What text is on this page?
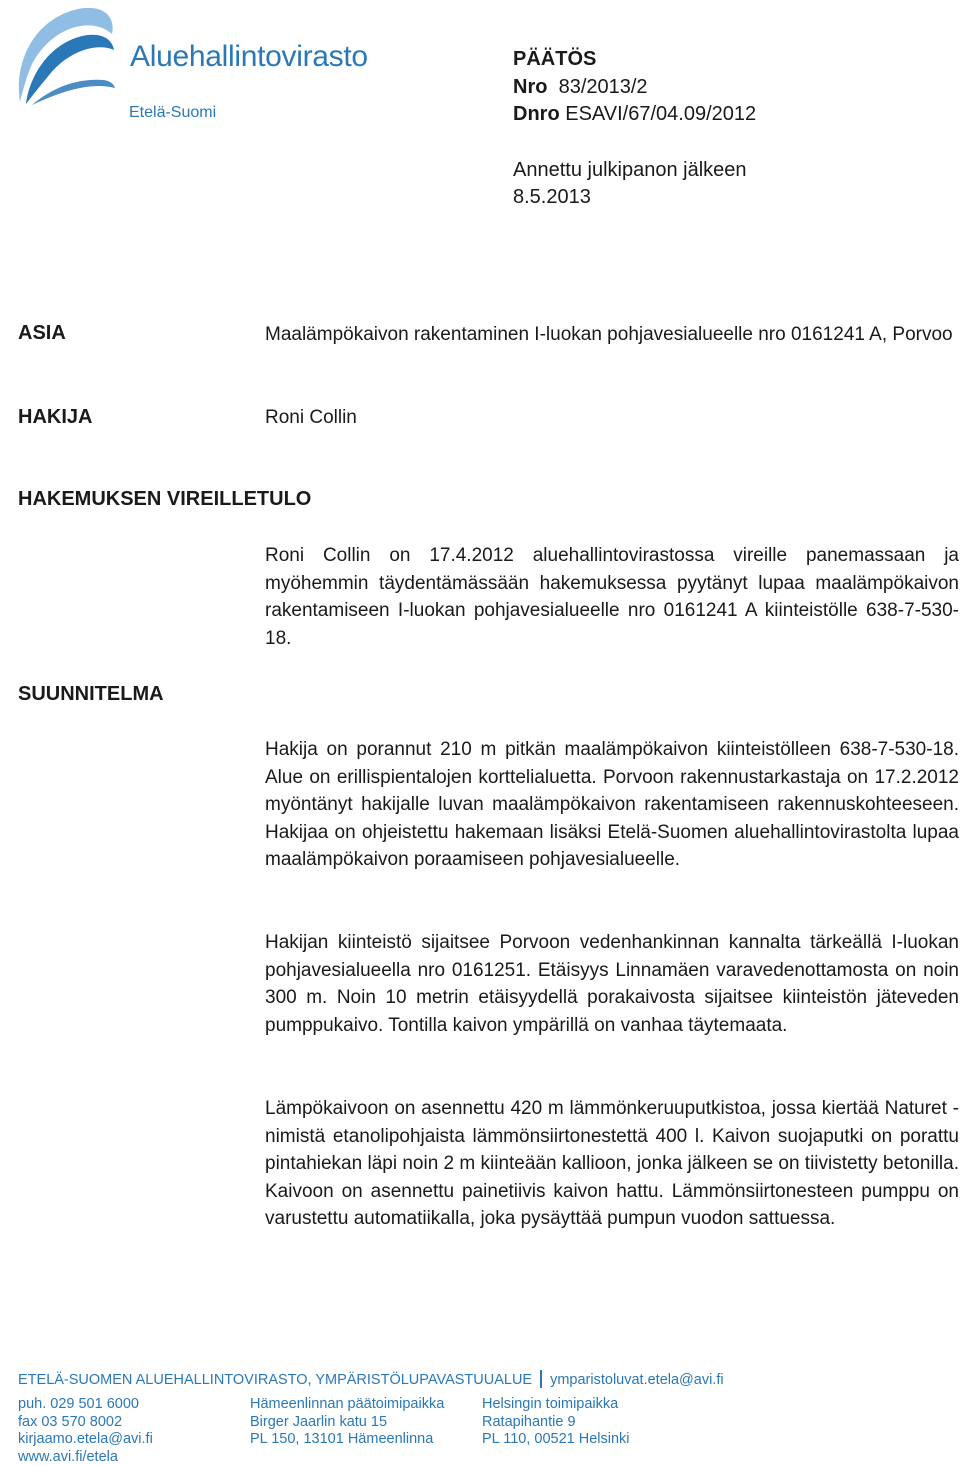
Aluehallintovirasto
Etelä-Suomi
PÄÄTÖS
Nro 83/2013/2
Dnro ESAVI/67/04.09/2012
Annettu julkipanon jälkeen
8.5.2013
ASIA	Maalämpökaivon rakentaminen I-luokan pohjavesialueelle nro 0161241 A, Porvoo
HAKIJA	Roni Collin
HAKEMUKSEN VIREILLETULO
Roni Collin on 17.4.2012 aluehallintovirastossa vireille panemassaan ja myöhemmin täydentämässään hakemuksessa pyytänyt lupaa maalämpökaivon rakentamiseen I-luokan pohjavesialueelle nro 0161241 A kiinteistölle 638-7-530-18.
SUUNNITELMA
Hakija on porannut 210 m pitkän maalämpökaivon kiinteistölleen 638-7-530-18. Alue on erillispientalojen korttelialuetta. Porvoon rakennustarkastaja on 17.2.2012 myöntänyt hakijalle luvan maalämpökaivon rakentamiseen rakennuskohteeseen. Hakijaa on ohjeistettu hakemaan lisäksi Etelä-Suomen aluehallintovirastolta lupaa maalämpökaivon poraamiseen pohjavesialueelle.
Hakijan kiinteistö sijaitsee Porvoon vedenhankinnan kannalta tärkeällä I-luokan pohjavesialueella nro 0161251. Etäisyys Linnamäen varavedenottamosta on noin 300 m. Noin 10 metrin etäisyydellä porakaivosta sijaitsee kiinteistön jäteveden pumppukaivo. Tontilla kaivon ympärillä on vanhaa täytemaata.
Lämpökaivoon on asennettu 420 m lämmönkeruuputkistoa, jossa kiertää Naturet -nimistä etanolipohjaista lämmönsiirtonestettä 400 l. Kaivon suojaputki on porattu pintahiekan läpi noin 2 m kiinteään kallioon, jonka jälkeen se on tiivistetty betonilla. Kaivoon on asennettu painetiivis kaivon hattu. Lämmönsiirtonesteen pumppu on varustettu automatiikalla, joka pysäyttää pumpun vuodon sattuessa.
ETELÄ-SUOMEN ALUEHALLINTOVIRASTO, YMPÄRISTÖLUPAVASTUUALUE ymparistoluvat.etela@avi.fi
puh. 029 501 6000
fax 03 570 8002
kirjaamo.etela@avi.fi
www.avi.fi/etela
Hämeenlinnan päätoimipaikka
Birger Jaarlin katu 15
PL 150, 13101 Hämeenlinna
Helsingin toimipaikka
Ratapihantie 9
PL 110, 00521 Helsinki
